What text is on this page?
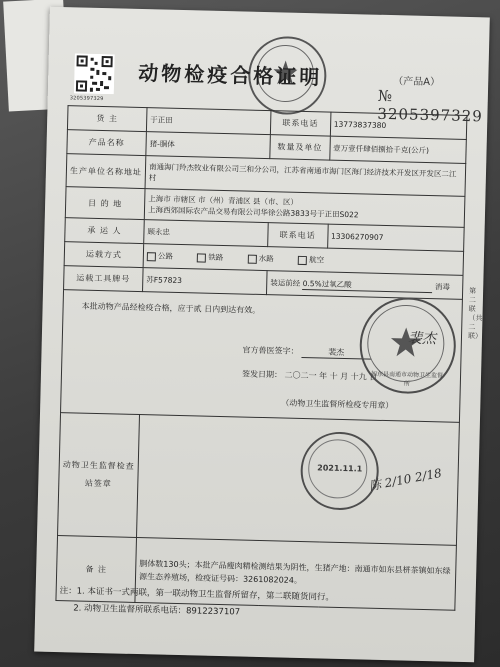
3205397329
动物检疫合格证明	（产品A）
№ 3205397329
货 主	于正田	联系电话	13773837380
产品名称	猪-胴体	数量及单位	壹万壹仟肆佰捌拾千克(公斤)
生产单位名称地址	南通海门羚杰牧业有限公司三和分公司，江苏省南通市海门区海门经济技术开发区开发区二江村		
目 的 地	上海市 市辖区 市（州）青浦区 县（市、区）
上海西郊国际农产品交易有限公司华徐公路3833号于正田S022		

承 运 人	顾永忠	联系电话	13306270907
运载方式	公路 铁路 水路 航空		
运载工具牌号	苏F57823	装运前经 0.5%过氧乙酸 消毒	

本批动物产品经检疫合格，应于贰 日内到达有效。
官方兽医签字： 裴杰
签发日期： 二〇二一 年 十 月 十九 日
（动物卫生监督所检疫专用章）			

动物卫生监督检查站签章			
备 注	胴体数130头；本批产品瘦肉精检测结果为阴性，生猪产地：南通市如东县栟茶镇如东绿源生态养殖场，检疫证号码：3261082024。		
如东县南通市动物卫生监督所
裴杰
2021.11.1 陈 2/10 2/18
第二联（共二联）
注：1. 本证书一式两联，第一联动物卫生监督所留存，第二联随货同行。
2. 动物卫生监督所联系电话：8912237107
